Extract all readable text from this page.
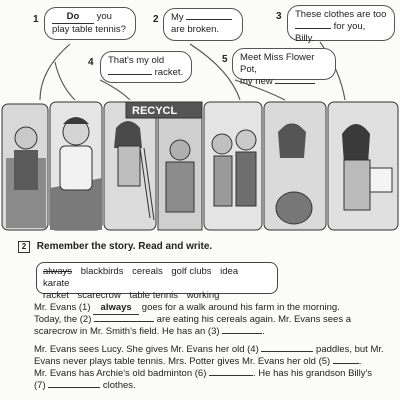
1	Do you
play table tennis?
2 My
are broken.
3 These clothes are too
for you, Billy.
4 That's my old
racket.
5 Meet Miss Flower Pot,
my new
RECYCL
2 Remember the story. Read and write.
always blackbirds cereals golf clubs idea karate
racket scarecrow table tennis working
Mr. Evans (1) always goes for a walk around his farm in the morning.
Today, the (2)	are eating his cereals again. Mr. Evans sees a
scarecrow in Mr. Smith's field. He has an (3)	.
Mr. Evans sees Lucy. She gives Mr. Evans her old (4)	paddles, but Mr.
Evans never plays table tennis. Mrs. Potter gives Mr. Evans her old (5)	.
Mr. Evans has Archie's old badminton (6)	. He has his grandson Billy's
(7)	clothes.
